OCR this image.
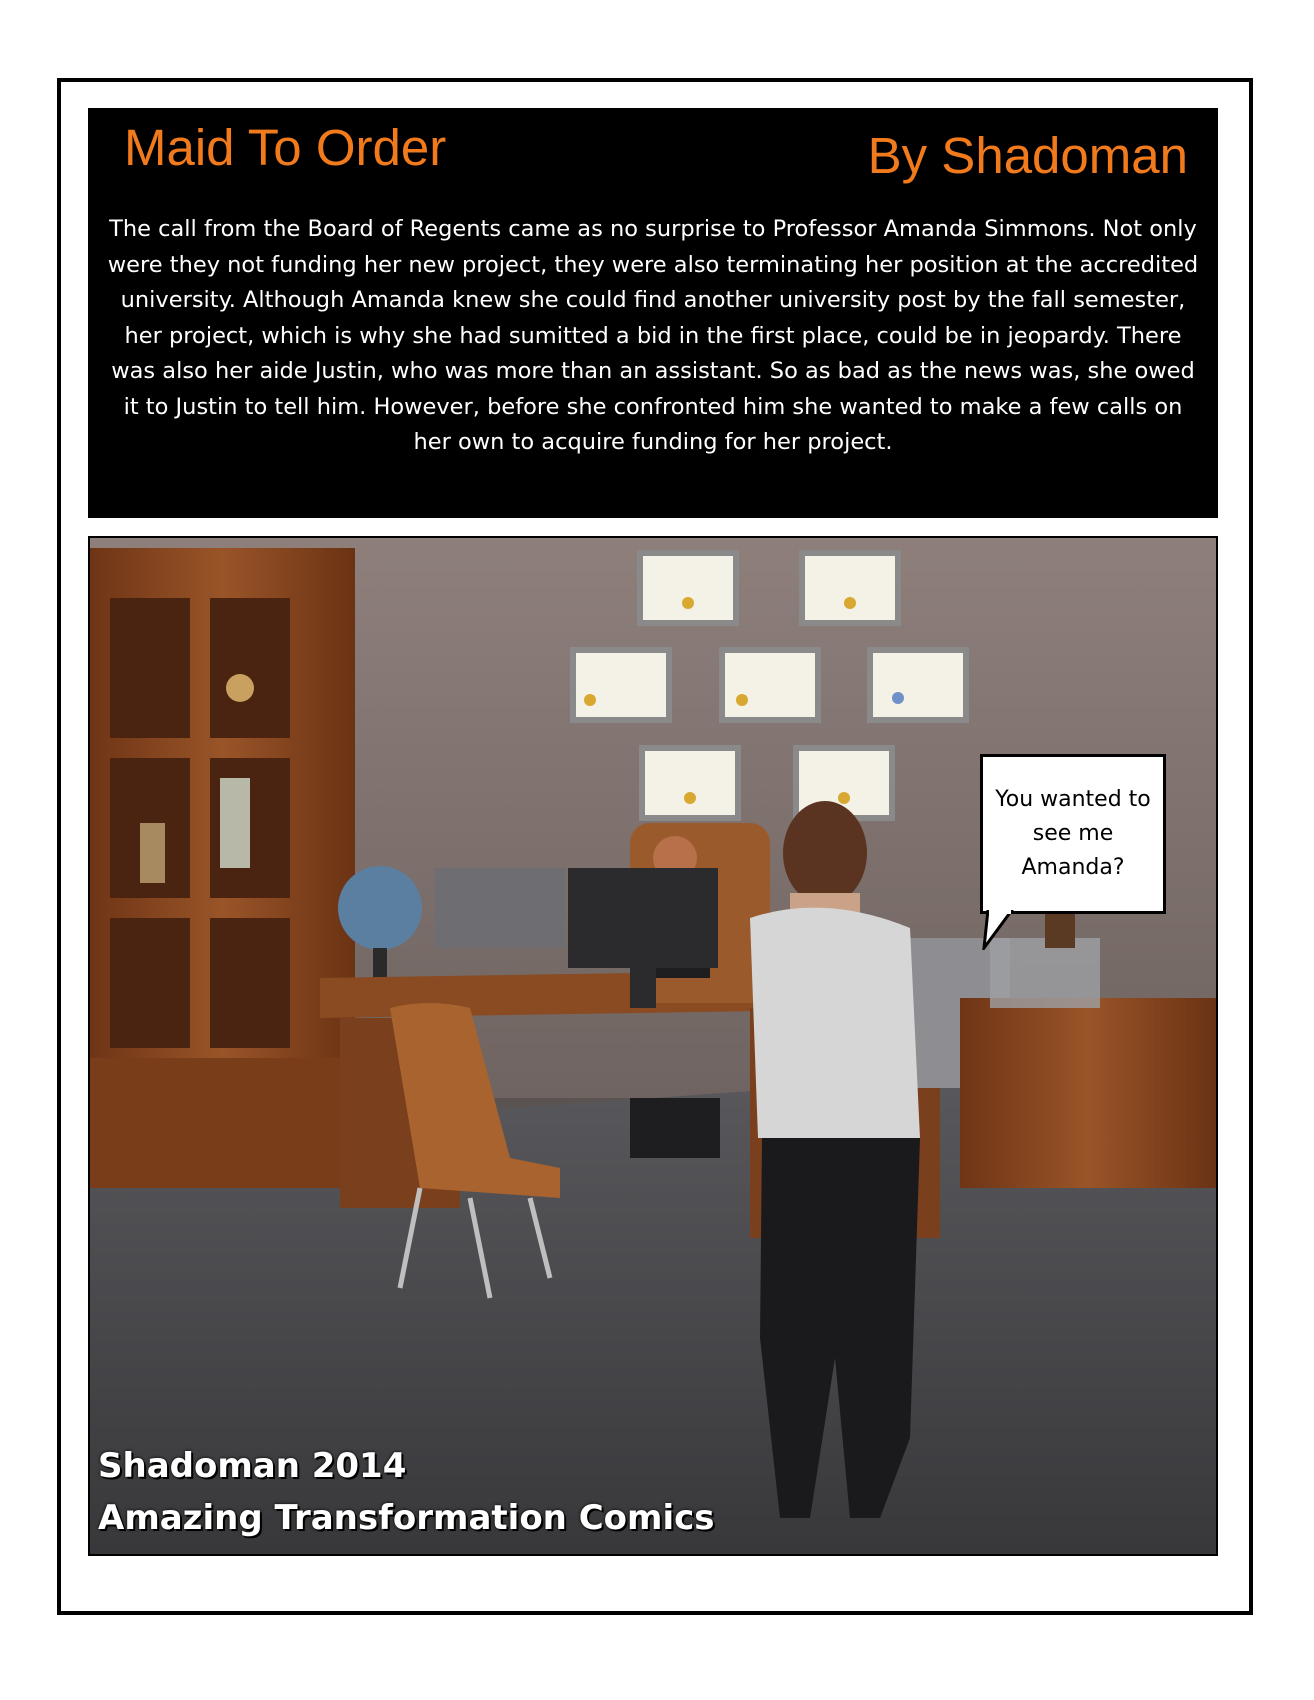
Maid To Order	By Shadoman
The call from the Board of Regents came as no surprise to Professor Amanda Simmons. Not only were they not funding her new project, they were also terminating her position at the accredited university. Although Amanda knew she could find another university post by the fall semester, her project, which is why she had sumitted a bid in the first place, could be in jeopardy. There was also her aide Justin, who was more than an assistant. So as bad as the news was, she owed it to Justin to tell him. However, before she confronted him she wanted to make a few calls on her own to acquire funding for her project.
You wanted to see me Amanda?
Shadoman 2014
Amazing Transformation Comics
